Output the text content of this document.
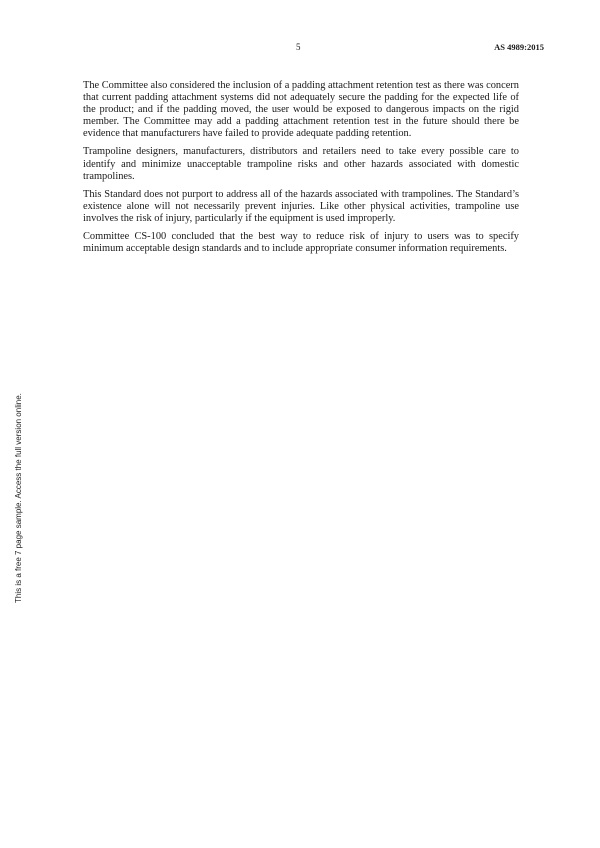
5	AS 4989:2015

The Committee also considered the inclusion of a padding attachment retention test as there was concern that current padding attachment systems did not adequately secure the padding for the expected life of the product; and if the padding moved, the user would be exposed to dangerous impacts on the rigid member. The Committee may add a padding attachment retention test in the future should there be evidence that manufacturers have failed to provide adequate padding retention.

Trampoline designers, manufacturers, distributors and retailers need to take every possible care to identify and minimize unacceptable trampoline risks and other hazards associated with domestic trampolines.

This Standard does not purport to address all of the hazards associated with trampolines. The Standard’s existence alone will not necessarily prevent injuries. Like other physical activities, trampoline use involves the risk of injury, particularly if the equipment is used improperly.

Committee CS-100 concluded that the best way to reduce risk of injury to users was to specify minimum acceptable design standards and to include appropriate consumer information requirements.

This is a free 7 page sample. Access the full version online.
